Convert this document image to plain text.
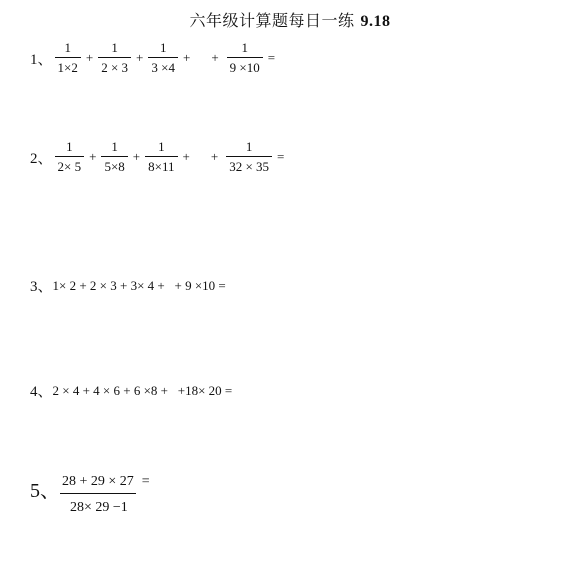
六年级计算题每日一练 9.18
1、 $\frac{1}{1\times 2} + \frac{1}{2 \times 3} + \frac{1}{3 \times 4}$ + + $\frac{1}{9 \times 10}$ =
2、 $\frac{1}{2\times 5} + \frac{1}{5\times 8} + \frac{1}{8\times 11}$ + + $\frac{1}{32 \times 35}$ =
3、 1× 2 + 2 × 3 + 3× 4 +   + 9 ×10 =
4、 2 × 4 + 4 × 6 + 6 ×8 +   +18× 20 =
5、 $\frac{28 + 29 \times 27}{28\times 29 -1}$ =
